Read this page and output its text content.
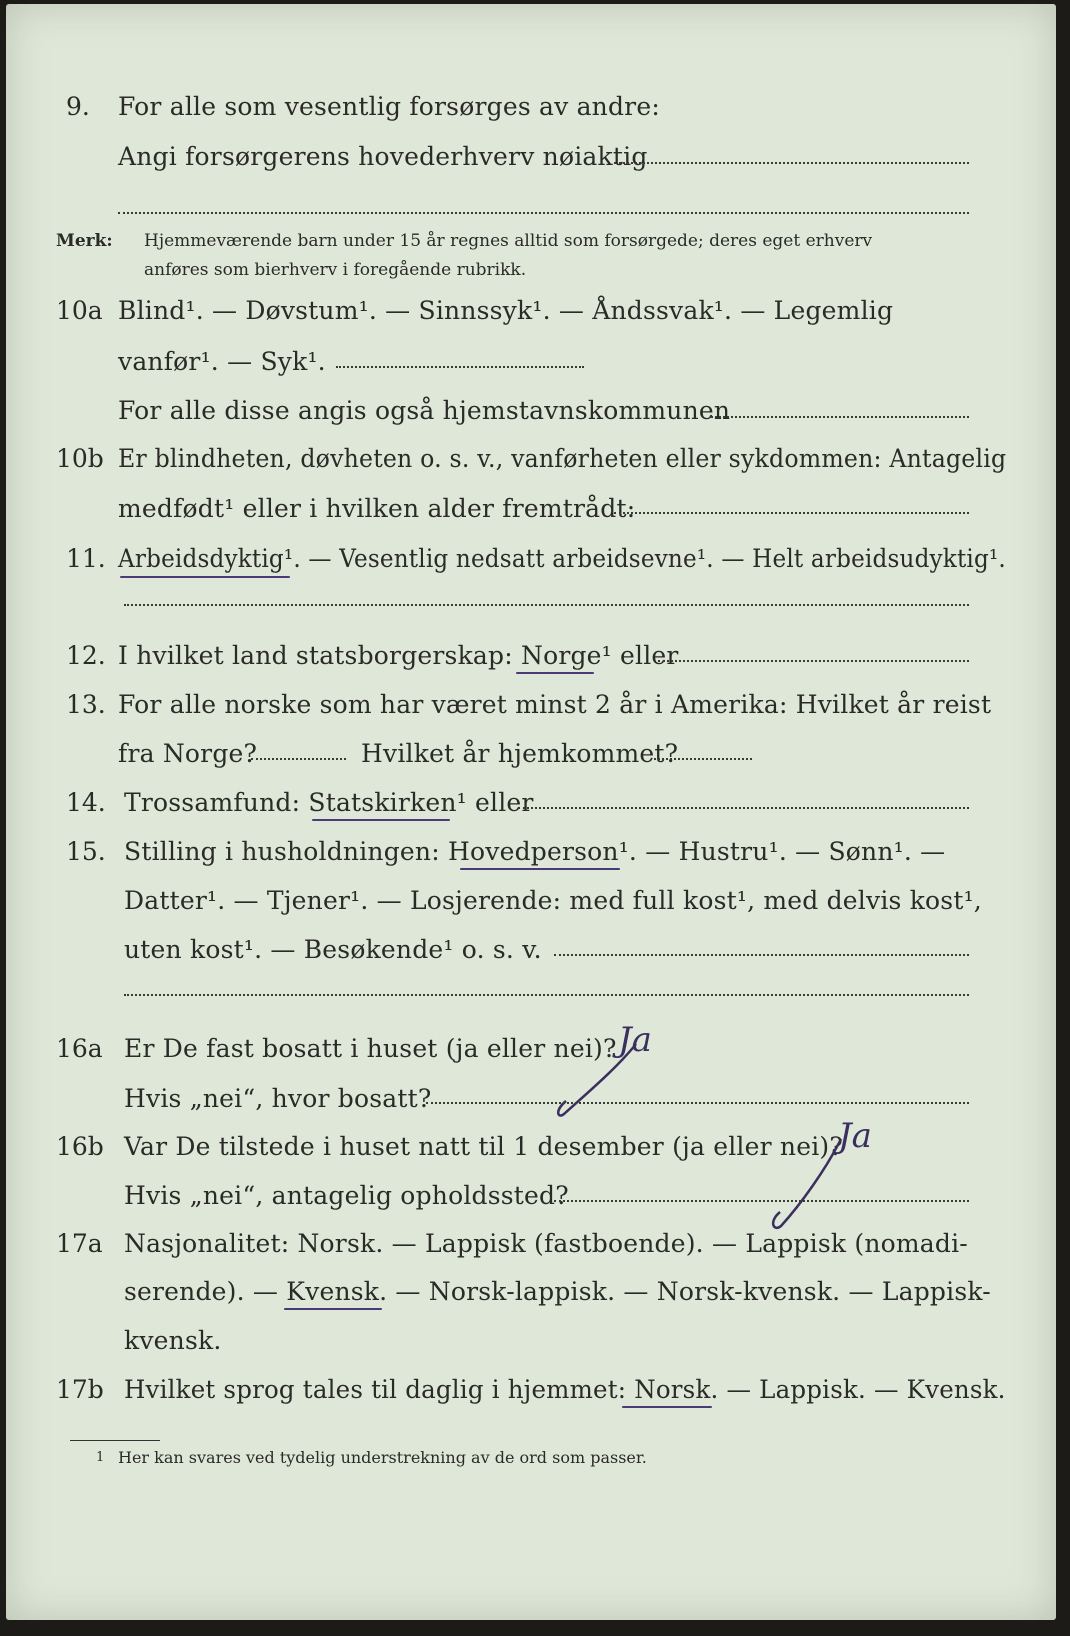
9. For alle som vesentlig forsørges av andre:
Angi forsørgerens hovederhverv nøiaktig
Merk: Hjemmeværende barn under 15 år regnes alltid som forsørgede; deres eget erhverv
anføres som bierhverv i foregående rubrikk.
10a Blind¹. — Døvstum¹. — Sinnssyk¹. — Åndssvak¹. — Legemlig
vanfør¹. — Syk¹.
For alle disse angis også hjemstavnskommunen
10b Er blindheten, døvheten o. s. v., vanførheten eller sykdommen: Antagelig
medfødt¹ eller i hvilken alder fremtrådt:
11. Arbeidsdyktig¹. — Vesentlig nedsatt arbeidsevne¹. — Helt arbeidsudyktig¹.
12. I hvilket land statsborgerskap: Norge¹ eller
13. For alle norske som har været minst 2 år i Amerika: Hvilket år reist
fra Norge?	Hvilket år hjemkommet?
14. Trossamfund: Statskirken¹ eller
15. Stilling i husholdningen: Hovedperson¹. — Hustru¹. — Sønn¹. —
Datter¹. — Tjener¹. — Losjerende: med full kost¹, med delvis kost¹,
uten kost¹. — Besøkende¹ o. s. v.
16a Er De fast bosatt i huset (ja eller nei)? Ja
Hvis „nei“, hvor bosatt?
16b Var De tilstede i huset natt til 1 desember (ja eller nei)?
Ja
Hvis „nei“, antagelig opholdssted?
17a Nasjonalitet: Norsk. — Lappisk (fastboende). — Lappisk (nomadi-
serende). — Kvensk. — Norsk-lappisk. — Norsk-kvensk. — Lappisk-
kvensk.
17b Hvilket sprog tales til daglig i hjemmet: Norsk. — Lappisk. — Kvensk.
1 Her kan svares ved tydelig understrekning av de ord som passer.
